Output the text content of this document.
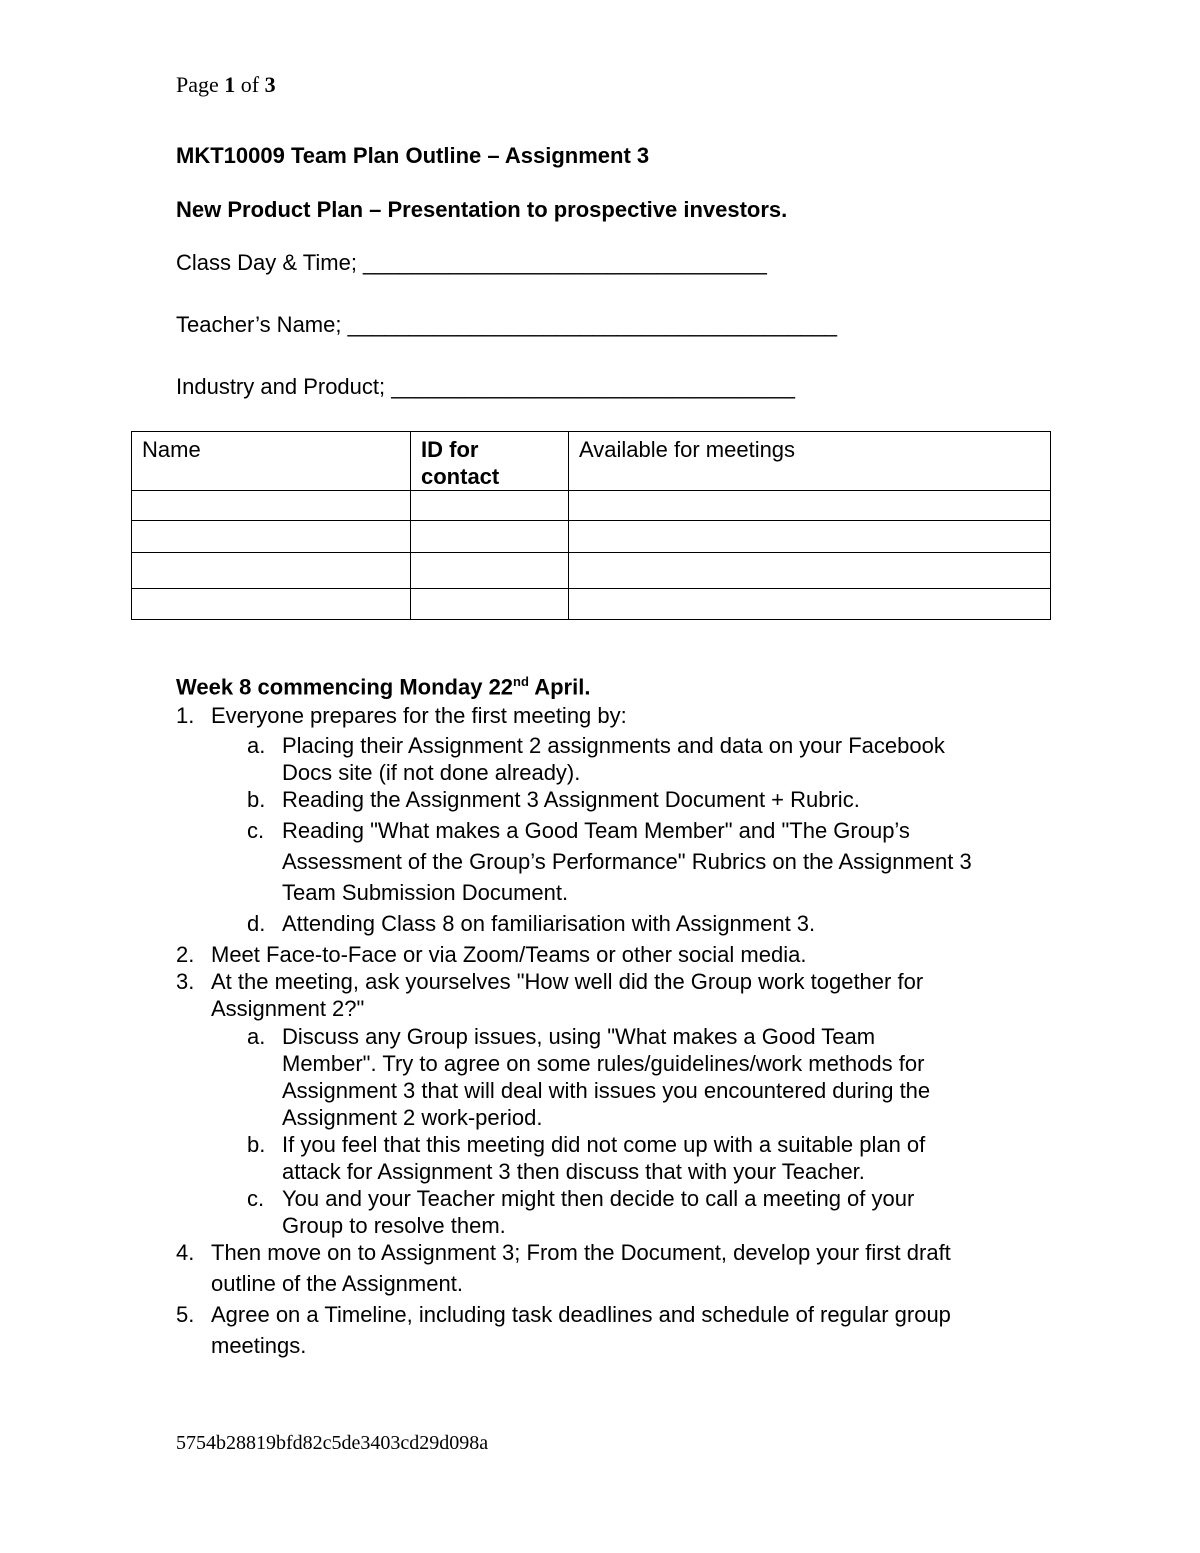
Page 1 of 3
MKT10009 Team Plan Outline – Assignment 3
New Product Plan – Presentation to prospective investors.
Class Day & Time; _________________________________
Teacher’s Name; ________________________________________
Industry and Product; _________________________________
Name	ID for contact	Available for meetings

Week 8 commencing Monday 22nd April.
1. Everyone prepares for the first meeting by:
a. Placing their Assignment 2 assignments and data on your Facebook
Docs site (if not done already).
b. Reading the Assignment 3 Assignment Document + Rubric.
c. Reading "What makes a Good Team Member" and "The Group’s
Assessment of the Group’s Performance" Rubrics on the Assignment 3
Team Submission Document.
d. Attending Class 8 on familiarisation with Assignment 3.
2. Meet Face-to-Face or via Zoom/Teams or other social media.
3. At the meeting, ask yourselves "How well did the Group work together for
Assignment 2?"
a. Discuss any Group issues, using "What makes a Good Team
Member". Try to agree on some rules/guidelines/work methods for
Assignment 3 that will deal with issues you encountered during the
Assignment 2 work-period.
b. If you feel that this meeting did not come up with a suitable plan of
attack for Assignment 3 then discuss that with your Teacher.
c. You and your Teacher might then decide to call a meeting of your
Group to resolve them.
4. Then move on to Assignment 3; From the Document, develop your first draft
outline of the Assignment.
5. Agree on a Timeline, including task deadlines and schedule of regular group
meetings.
5754b28819bfd82c5de3403cd29d098a
